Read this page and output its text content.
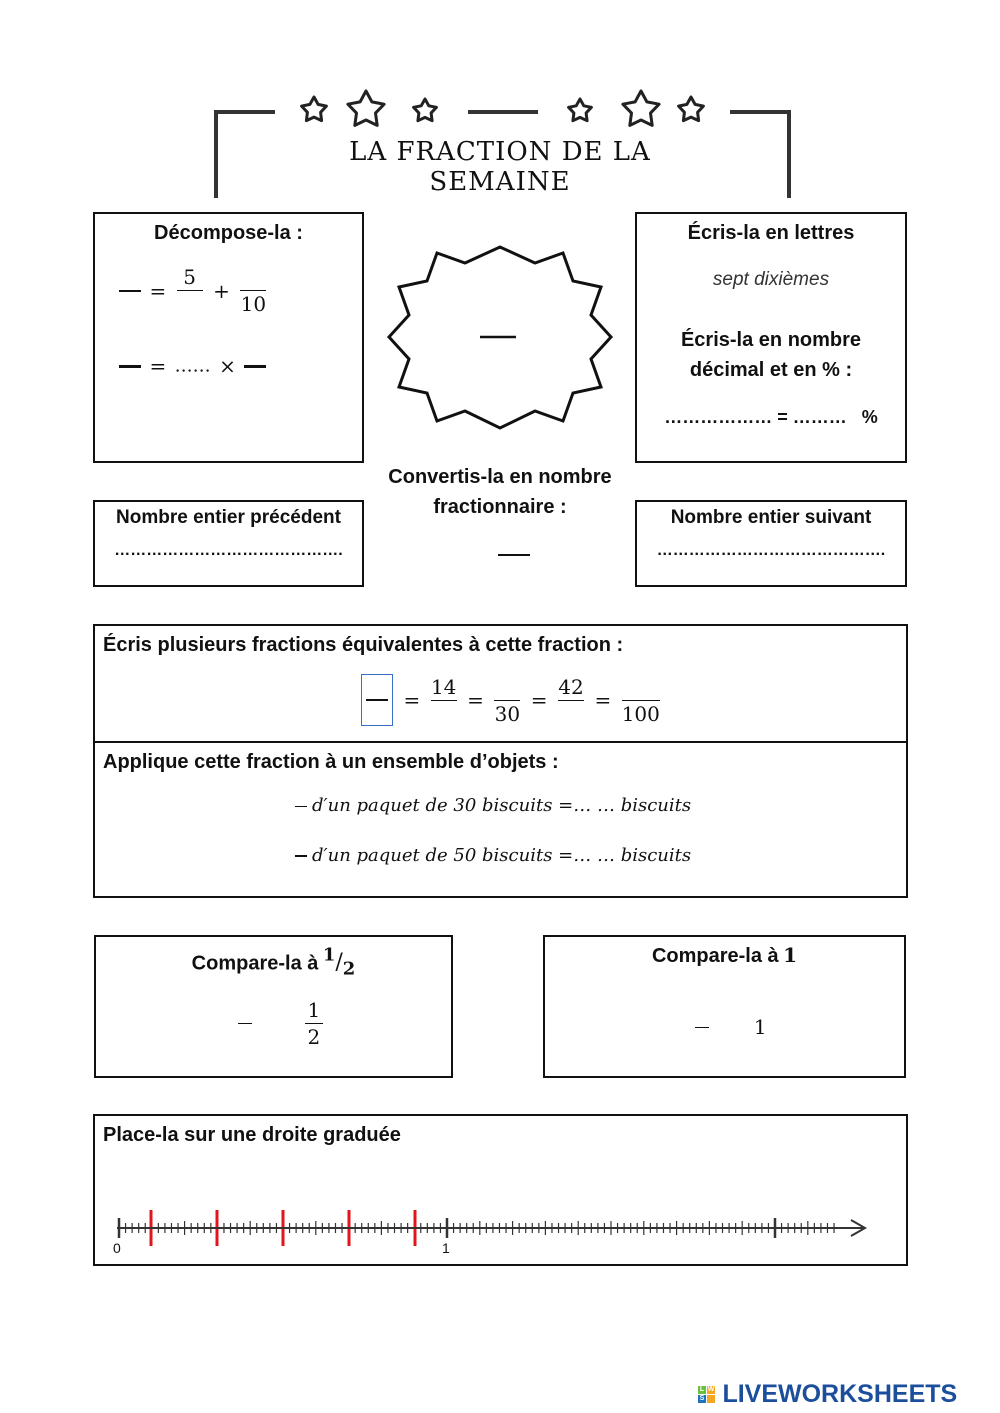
LA FRACTION DE LA SEMAINE
Décompose-la :
=
5
+
10
= …… ×
Écris-la en lettres
sept dixièmes
Écris-la en nombre
décimal et en % :
……………… = ……… %
Convertis-la en nombre
fractionnaire :
Nombre entier précédent
…………………………………….
Nombre entier suivant
…………………………………….
Écris plusieurs fractions équivalentes à cette fraction :
=
14
=
30
=
42
=
100
Applique cette fraction à un ensemble d’objets :
d′un paquet de 30 biscuits =… … biscuits
d′un paquet de 50 biscuits =… … biscuits
Compare-la à $^1/_2$

$\frac{1}{2}$
Compare-la à 1
1
Place-la sur une droite graduée
0	1
L W
S LIVEWORKSHEETS
